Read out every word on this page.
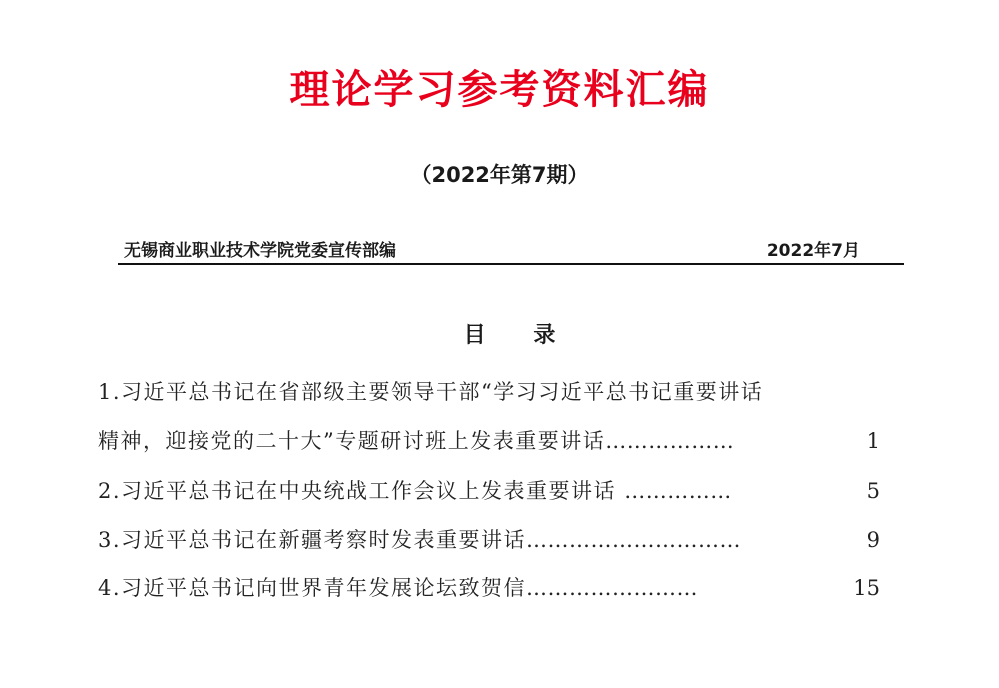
理论学习参考资料汇编
（2022年第7期）
无锡商业职业技术学院党委宣传部编	2022年7月
目 录
1.习近平总书记在省部级主要领导干部“学习习近平总书记重要讲话
精神，迎接党的二十大”专题研讨班上发表重要讲话………………	1
2.习近平总书记在中央统战工作会议上发表重要讲话 ……………	5
3.习近平总书记在新疆考察时发表重要讲话…………………………	9
4.习近平总书记向世界青年发展论坛致贺信……………………	15
